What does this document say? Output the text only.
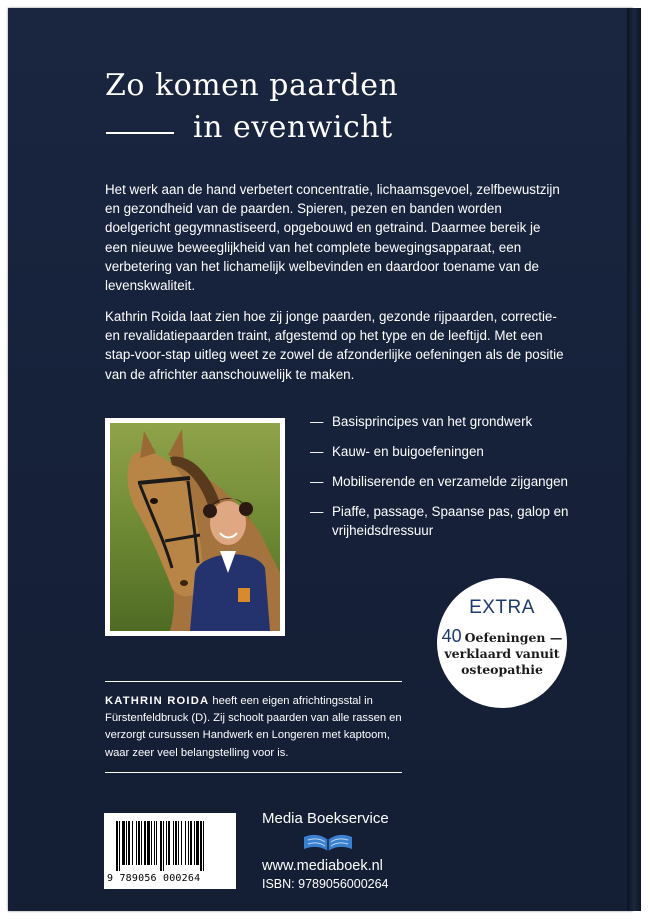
Zo komen paarden
in evenwicht

Het werk aan de hand verbetert concentratie, lichaamsgevoel, zelfbewustzijn en gezondheid van de paarden. Spieren, pezen en banden worden doelgericht gegymnastiseerd, opgebouwd en getraind. Daarmee bereik je een nieuwe beweeglijkheid van het complete bewegingsapparaat, een verbetering van het lichamelijk welbevinden en daardoor toename van de levenskwaliteit.

Kathrin Roida laat zien hoe zij jonge paarden, gezonde rijpaarden, correctie- en revalidatiepaarden traint, afgestemd op het type en de leeftijd. Met een stap-voor-stap uitleg weet ze zowel de afzonderlijke oefeningen als de positie van de africhter aanschouwelijk te maken.

— Basisprincipes van het grondwerk
— Kauw- en buigoefeningen
— Mobiliserende en verzamelde zijgangen
— Piaffe, passage, Spaanse pas, galop en vrijheidsdressuur
EXTRA
40 Oefeningen —
verklaard vanuit
osteopathie

KATHRIN ROIDA heeft een eigen africhtingsstal in Fürstenfeldbruck (D). Zij schoolt paarden van alle rassen en verzorgt cursussen Handwerk en Longeren met kaptoom, waar zeer veel belangstelling voor is.

9 789056 000264
Media Boekservice
www.mediaboek.nl
ISBN: 9789056000264
